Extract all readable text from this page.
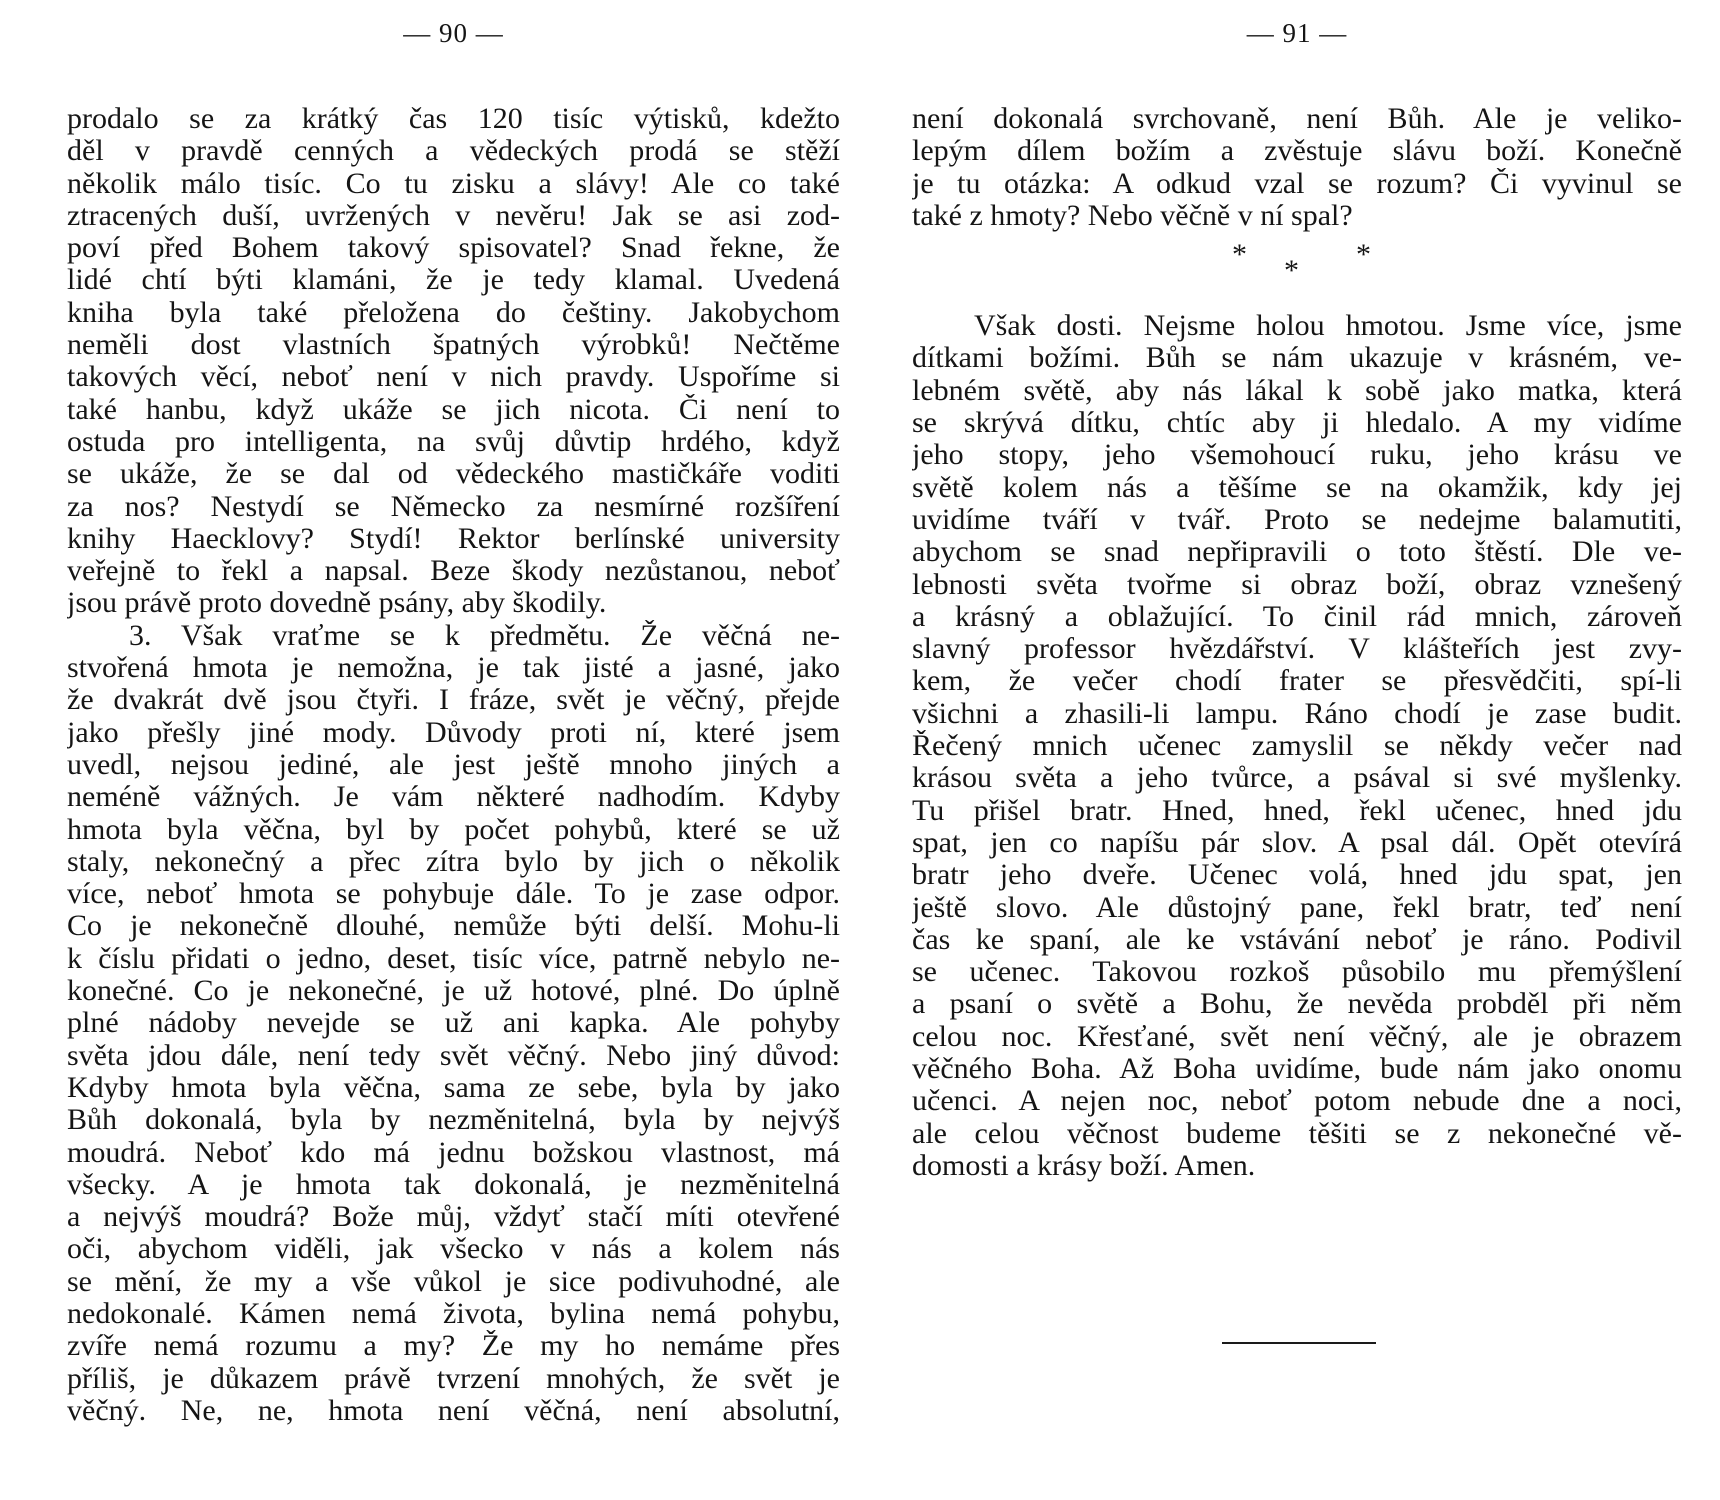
— 90 —
prodalo se za krátký čas 120 tisíc výtisků, kdežto
děl v pravdě cenných a vědeckých prodá se stěží
několik málo tisíc. Co tu zisku a slávy! Ale co také
ztracených duší, uvržených v nevěru! Jak se asi zod-
poví před Bohem takový spisovatel? Snad řekne, že
lidé chtí býti klamáni, že je tedy klamal. Uvedená
kniha byla také přeložena do češtiny. Jakobychom
neměli dost vlastních špatných výrobků! Nečtěme
takových věcí, neboť není v nich pravdy. Uspoříme si
také hanbu, když ukáže se jich nicota. Či není to
ostuda pro intelligenta, na svůj důvtip hrdého, když
se ukáže, že se dal od vědeckého mastičkáře voditi
za nos? Nestydí se Německo za nesmírné rozšíření
knihy Haecklovy? Stydí! Rektor berlínské university
veřejně to řekl a napsal. Beze škody nezůstanou, neboť
jsou právě proto dovedně psány, aby škodily.
3. Však vraťme se k předmětu. Že věčná ne-
stvořená hmota je nemožna, je tak jisté a jasné, jako
že dvakrát dvě jsou čtyři. I fráze, svět je věčný, přejde
jako přešly jiné mody. Důvody proti ní, které jsem
uvedl, nejsou jediné, ale jest ještě mnoho jiných a
neméně vážných. Je vám některé nadhodím. Kdyby
hmota byla věčna, byl by počet pohybů, které se už
staly, nekonečný a přec zítra bylo by jich o několik
více, neboť hmota se pohybuje dále. To je zase odpor.
Co je nekonečně dlouhé, nemůže býti delší. Mohu-li
k číslu přidati o jedno, deset, tisíc více, patrně nebylo ne-
konečné. Co je nekonečné, je už hotové, plné. Do úplně
plné nádoby nevejde se už ani kapka. Ale pohyby
světa jdou dále, není tedy svět věčný. Nebo jiný důvod:
Kdyby hmota byla věčna, sama ze sebe, byla by jako
Bůh dokonalá, byla by nezměnitelná, byla by nejvýš
moudrá. Neboť kdo má jednu božskou vlastnost, má
všecky. A je hmota tak dokonalá, je nezměnitelná
a nejvýš moudrá? Bože můj, vždyť stačí míti otevřené
oči, abychom viděli, jak všecko v nás a kolem nás
se mění, že my a vše vůkol je sice podivuhodné, ale
nedokonalé. Kámen nemá života, bylina nemá pohybu,
zvíře nemá rozumu a my? Že my ho nemáme přes
příliš, je důkazem právě tvrzení mnohých, že svět je
věčný. Ne, ne, hmota není věčná, není absolutní,
— 91 —
není dokonalá svrchovaně, není Bůh. Ale je veliko-
lepým dílem božím a zvěstuje slávu boží. Konečně
je tu otázka: A odkud vzal se rozum? Či vyvinul se
také z hmoty? Nebo věčně v ní spal?
* * *
Však dosti. Nejsme holou hmotou. Jsme více, jsme
dítkami božími. Bůh se nám ukazuje v krásném, ve-
lebném světě, aby nás lákal k sobě jako matka, která
se skrývá dítku, chtíc aby ji hledalo. A my vidíme
jeho stopy, jeho všemohoucí ruku, jeho krásu ve
světě kolem nás a těšíme se na okamžik, kdy jej
uvidíme tváří v tvář. Proto se nedejme balamutiti,
abychom se snad nepřipravili o toto štěstí. Dle ve-
lebnosti světa tvořme si obraz boží, obraz vznešený
a krásný a oblažující. To činil rád mnich, zároveň
slavný professor hvězdářství. V klášteřích jest zvy-
kem, že večer chodí frater se přesvědčiti, spí-li
všichni a zhasili-li lampu. Ráno chodí je zase budit.
Řečený mnich učenec zamyslil se někdy večer nad
krásou světa a jeho tvůrce, a psával si své myšlenky.
Tu přišel bratr. Hned, hned, řekl učenec, hned jdu
spat, jen co napíšu pár slov. A psal dál. Opět otevírá
bratr jeho dveře. Učenec volá, hned jdu spat, jen
ještě slovo. Ale důstojný pane, řekl bratr, teď není
čas ke spaní, ale ke vstávání neboť je ráno. Podivil
se učenec. Takovou rozkoš působilo mu přemýšlení
a psaní o světě a Bohu, že nevěda probděl při něm
celou noc. Křesťané, svět není věčný, ale je obrazem
věčného Boha. Až Boha uvidíme, bude nám jako onomu
učenci. A nejen noc, neboť potom nebude dne a noci,
ale celou věčnost budeme těšiti se z nekonečné vě-
domosti a krásy boží. Amen.
